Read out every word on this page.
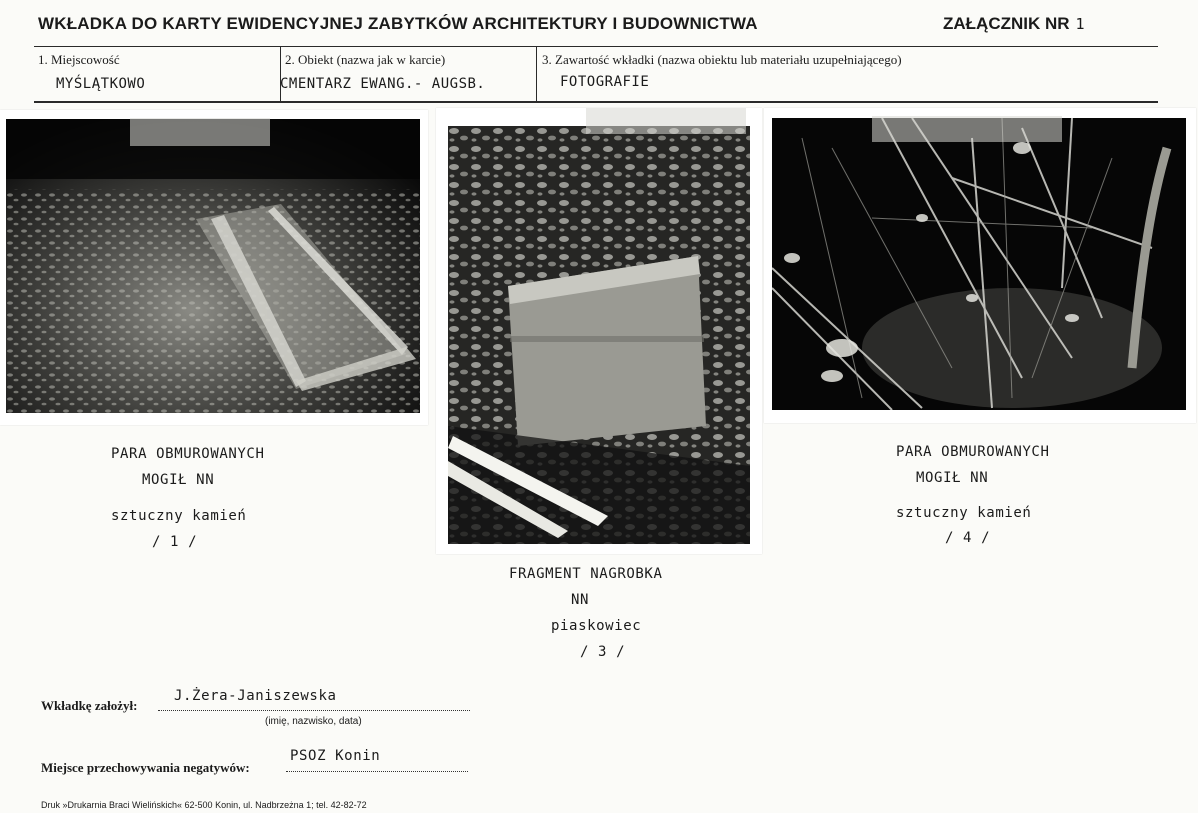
WKŁADKA DO KARTY EWIDENCYJNEJ ZABYTKÓW ARCHITEKTURY I BUDOWNICTWA	ZAŁĄCZNIK NR 1
1. Miejscowość
MYŚLĄTKOWO
2. Obiekt (nazwa jak w karcie)
CMENTARZ EWANG.- AUGSB.
3. Zawartość wkładki (nazwa obiektu lub materiału uzupełniającego)
FOTOGRAFIE
PARA OBMUROWANYCH
MOGIŁ NN
sztuczny kamień
/ 1 /
FRAGMENT NAGROBKA
NN
piaskowiec
/ 3 /
PARA OBMUROWANYCH
MOGIŁ NN
sztuczny kamień
/ 4 /
Wkładkę założył:
J.Żera-Janiszewska
(imię, nazwisko, data)
Miejsce przechowywania negatywów:
PSOZ Konin
Druk »Drukarnia Braci Wielińskich« 62-500 Konin, ul. Nadbrzeżna 1; tel. 42-82-72
